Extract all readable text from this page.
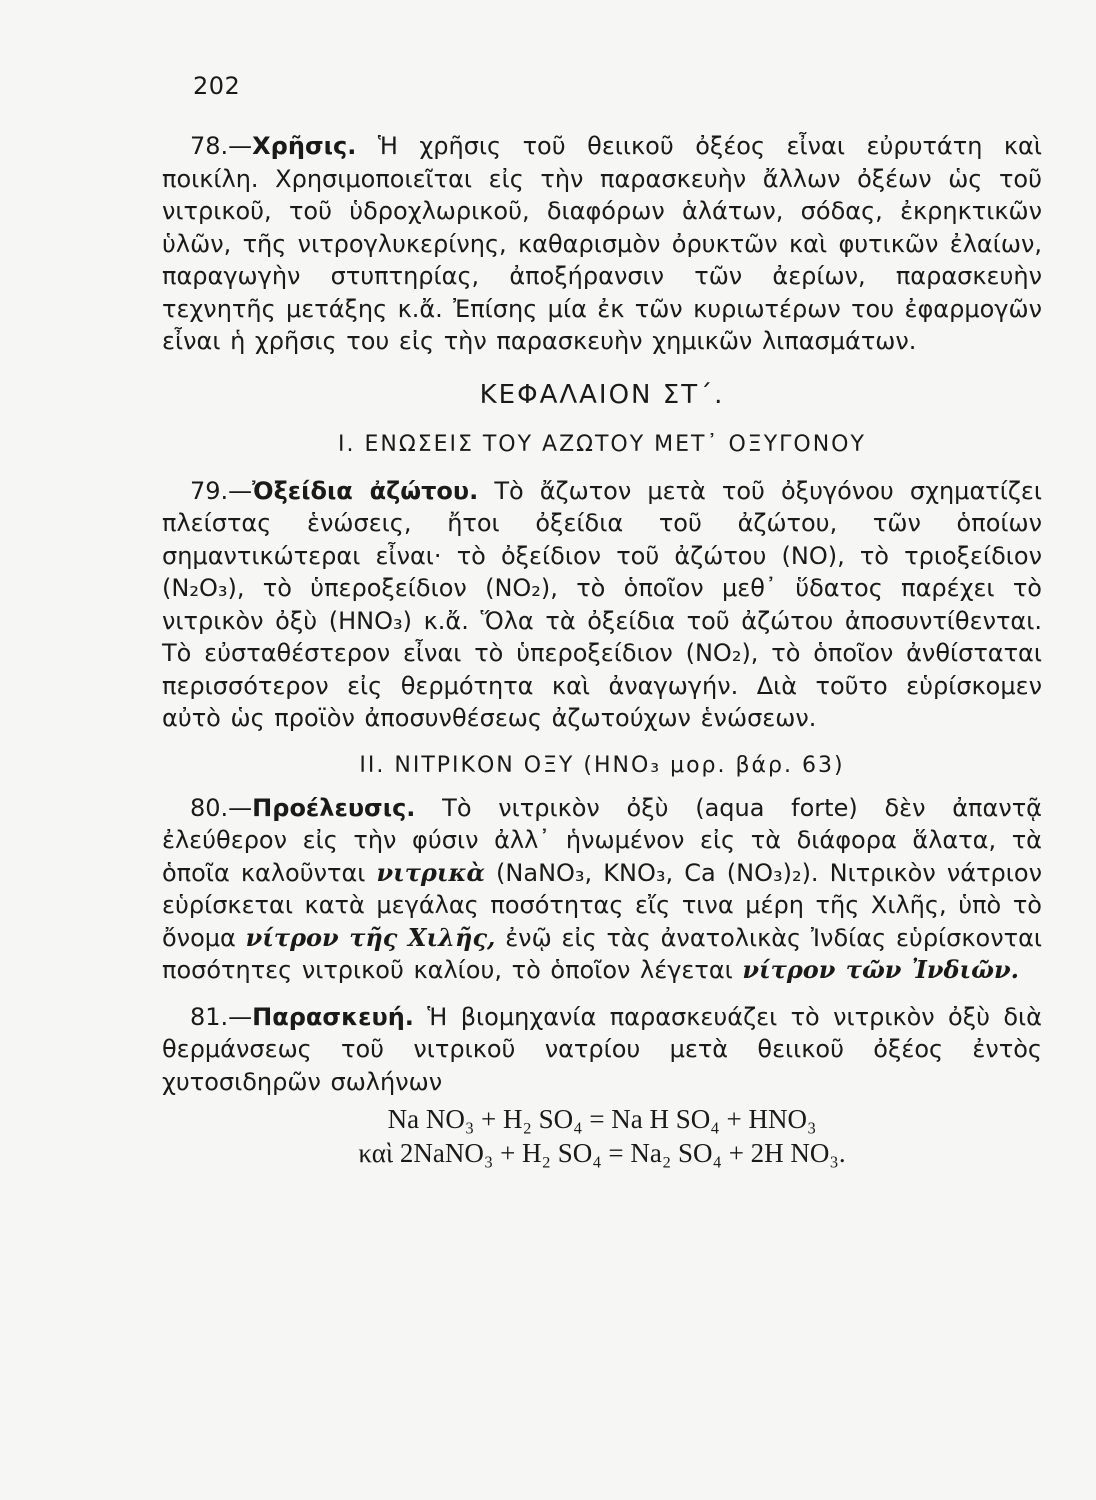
202

78.—Χρῆσις. Ἡ χρῆσις τοῦ θειικοῦ ὀξέος εἶναι εὐρυτάτη καὶ ποικίλη. Χρησιμοποιεῖται εἰς τὴν παρασκευὴν ἄλλων ὀξέων ὡς τοῦ νιτρικοῦ, τοῦ ὑδροχλωρικοῦ, διαφόρων ἁλάτων, σόδας, ἐκρηκτικῶν ὑλῶν, τῆς νιτρογλυκερίνης, καθαρισμὸν ὀρυκτῶν καὶ φυτικῶν ἐλαίων, παραγωγὴν στυπτηρίας, ἀποξήρανσιν τῶν ἀερίων, παρασκευὴν τεχνητῆς μετάξης κ.ἄ. Ἐπίσης μία ἐκ τῶν κυριωτέρων του ἐφαρμογῶν εἶναι ἡ χρῆσις του εἰς τὴν παρασκευὴν χημικῶν λιπασμάτων.

ΚΕΦΑΛΑΙΟΝ ΣΤ΄.

Ι. ΕΝΩΣΕΙΣ ΤΟΥ ΑΖΩΤΟΥ ΜΕΤ᾽ ΟΞΥΓΟΝΟΥ

79.—Ὀξείδια ἀζώτου. Τὸ ἄζωτον μετὰ τοῦ ὀξυγόνου σχηματίζει πλείστας ἑνώσεις, ἤτοι ὀξείδια τοῦ ἀζώτου, τῶν ὁποίων σημαντικώτεραι εἶναι· τὸ ὀξείδιον τοῦ ἀζώτου (NO), τὸ τριοξείδιον (N₂O₃), τὸ ὑπεροξείδιον (NO₂), τὸ ὁποῖον μεθ᾽ ὕδατος παρέχει τὸ νιτρικὸν ὀξὺ (HNO₃) κ.ἄ. Ὅλα τὰ ὀξείδια τοῦ ἀζώτου ἀποσυντίθενται. Τὸ εὐσταθέστερον εἶναι τὸ ὑπεροξείδιον (NO₂), τὸ ὁποῖον ἀνθίσταται περισσότερον εἰς θερμότητα καὶ ἀναγωγήν. Διὰ τοῦτο εὑρίσκομεν αὐτὸ ὡς προϊὸν ἀποσυνθέσεως ἀζωτούχων ἑνώσεων.

ΙΙ. ΝΙΤΡΙΚΟΝ ΟΞΥ (HNO₃ μορ. βάρ. 63)

80.—Προέλευσις. Τὸ νιτρικὸν ὀξὺ (aqua forte) δὲν ἀπαντᾷ ἐλεύθερον εἰς τὴν φύσιν ἀλλ᾽ ἡνωμένον εἰς τὰ διάφορα ἅλατα, τὰ ὁποῖα καλοῦνται νιτρικὰ (NaNO₃, KNO₃, Ca (NO₃)₂). Νιτρικὸν νάτριον εὑρίσκεται κατὰ μεγάλας ποσότητας εἴς τινα μέρη τῆς Χιλῆς, ὑπὸ τὸ ὄνομα νίτρον τῆς Χιλῆς, ἐνῷ εἰς τὰς ἀνατολικὰς Ἰνδίας εὑρίσκονται ποσότητες νιτρικοῦ καλίου, τὸ ὁποῖον λέγεται νίτρον τῶν Ἰνδιῶν.

81.—Παρασκευή. Ἡ βιομηχανία παρασκευάζει τὸ νιτρικὸν ὀξὺ διὰ θερμάνσεως τοῦ νιτρικοῦ νατρίου μετὰ θειικοῦ ὀξέος ἐντὸς χυτοσιδηρῶν σωλήνων

Na NO₃ + H₂ SO₄ = Na H SO₄ + HNO₃

καὶ 2NaNO₃ + H₂ SO₄ = Na₂ SO₄ + 2H NO₃.
